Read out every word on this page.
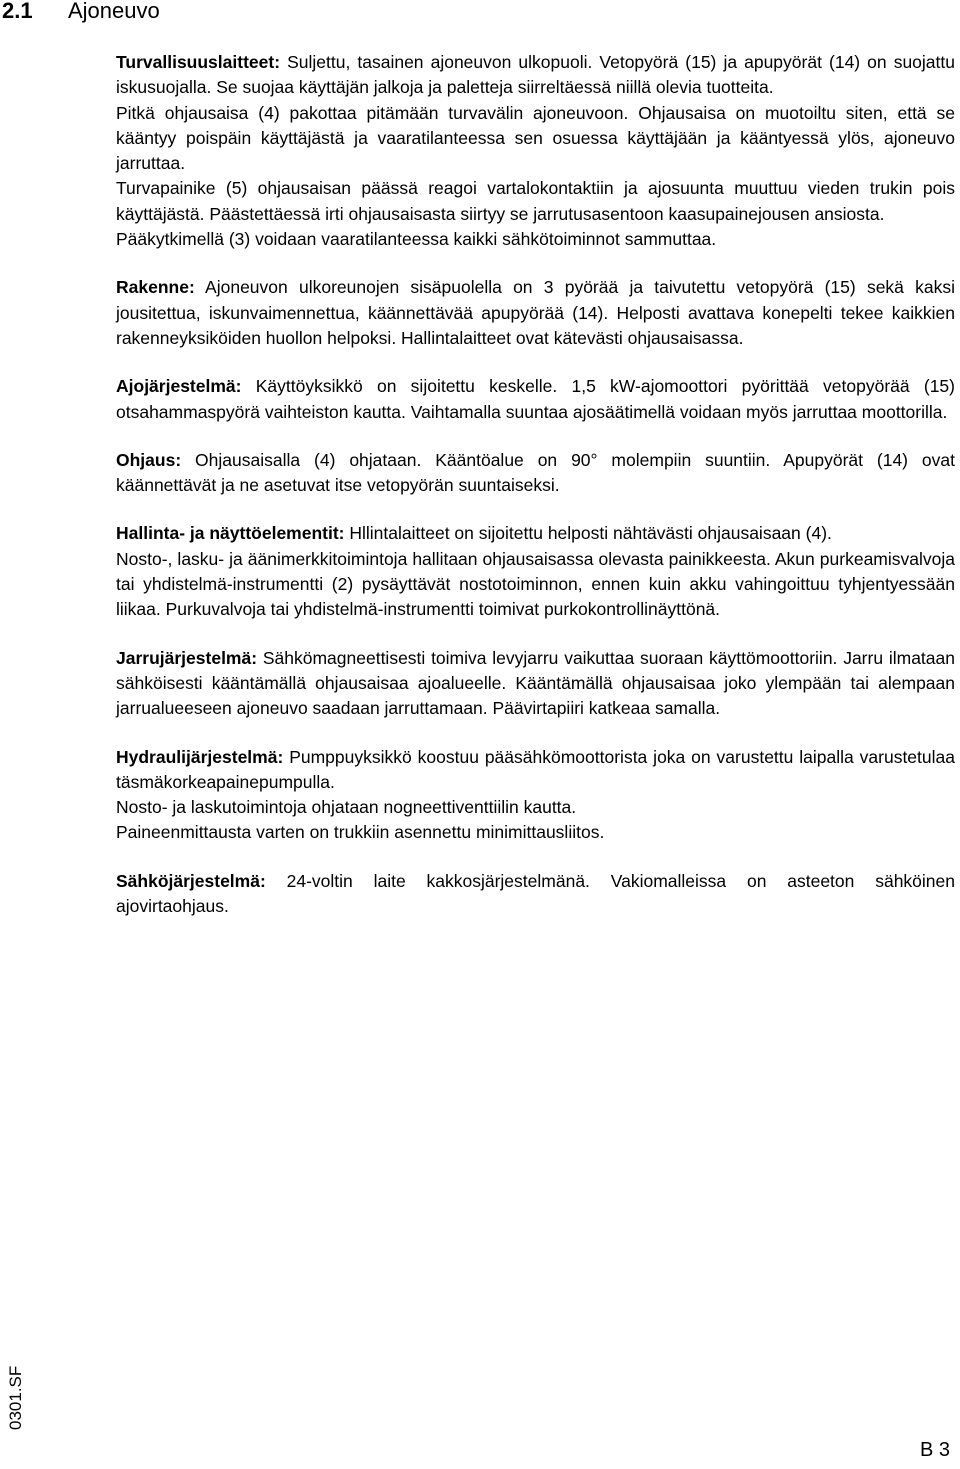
2.1 Ajoneuvo

Turvallisuuslaitteet: Suljettu, tasainen ajoneuvon ulkopuoli. Vetopyörä (15) ja apupyörät (14) on suojattu iskusuojalla. Se suojaa käyttäjän jalkoja ja paletteja siirreltäessä niillä olevia tuotteita.

Pitkä ohjausaisa (4) pakottaa pitämään turvavälin ajoneuvoon. Ohjausaisa on muotoiltu siten, että se kääntyy poispäin käyttäjästä ja vaaratilanteessa sen osuessa käyttäjään ja kääntyessä ylös, ajoneuvo jarruttaa.

Turvapainike (5) ohjausaisan päässä reagoi vartalokontaktiin ja ajosuunta muuttuu vieden trukin pois käyttäjästä. Päästettäessä irti ohjausaisasta siirtyy se jarrutusasentoon kaasupainejousen ansiosta.

Pääkytkimellä (3) voidaan vaaratilanteessa kaikki sähkötoiminnot sammuttaa.

Rakenne: Ajoneuvon ulkoreunojen sisäpuolella on 3 pyörää ja taivutettu vetopyörä (15) sekä kaksi jousitettua, iskunvaimennettua, käännettävää apupyörää (14). Helposti avattava konepelti tekee kaikkien rakenneyksiköiden huollon helpoksi. Hallintalaitteet ovat kätevästi ohjausaisassa.

Ajojärjestelmä: Käyttöyksikkö on sijoitettu keskelle. 1,5 kW-ajomoottori pyörittää vetopyörää (15) otsahammaspyörä vaihteiston kautta. Vaihtamalla suuntaa ajosäätimellä voidaan myös jarruttaa moottorilla.

Ohjaus: Ohjausaisalla (4) ohjataan. Kääntöalue on 90° molempiin suuntiin. Apupyörät (14) ovat käännettävät ja ne asetuvat itse vetopyörän suuntaiseksi.

Hallinta- ja näyttöelementit: Hllintalaitteet on sijoitettu helposti nähtävästi ohjausaisaan (4).

Nosto-, lasku- ja äänimerkkitoimintoja hallitaan ohjausaisassa olevasta painikkeesta. Akun purkeamisvalvoja tai yhdistelmä-instrumentti (2) pysäyttävät nostotoiminnon, ennen kuin akku vahingoittuu tyhjentyessään liikaa. Purkuvalvoja tai yhdistelmä-instrumentti toimivat purkokontrollinäyttönä.

Jarrujärjestelmä: Sähkömagneettisesti toimiva levyjarru vaikuttaa suoraan käyttömoottoriin. Jarru ilmataan sähköisesti kääntämällä ohjausaisaa ajoalueelle. Kääntämällä ohjausaisaa joko ylempään tai alempaan jarrualueeseen ajoneuvo saadaan jarruttamaan. Päävirtapiiri katkeaa samalla.

Hydraulijärjestelmä: Pumppuyksikkö koostuu pääsähkömoottorista joka on varustettu laipalla varustetulaa täsmäkorkeapainepumpulla.

Nosto- ja laskutoimintoja ohjataan nogneettiventtiilin kautta.

Paineenmittausta varten on trukkiin asennettu minimittausliitos.

Sähköjärjestelmä: 24-voltin laite kakkosjärjestelmänä. Vakiomalleissa on asteeton sähköinen ajovirtaohjaus.

0301.SF
B 3
